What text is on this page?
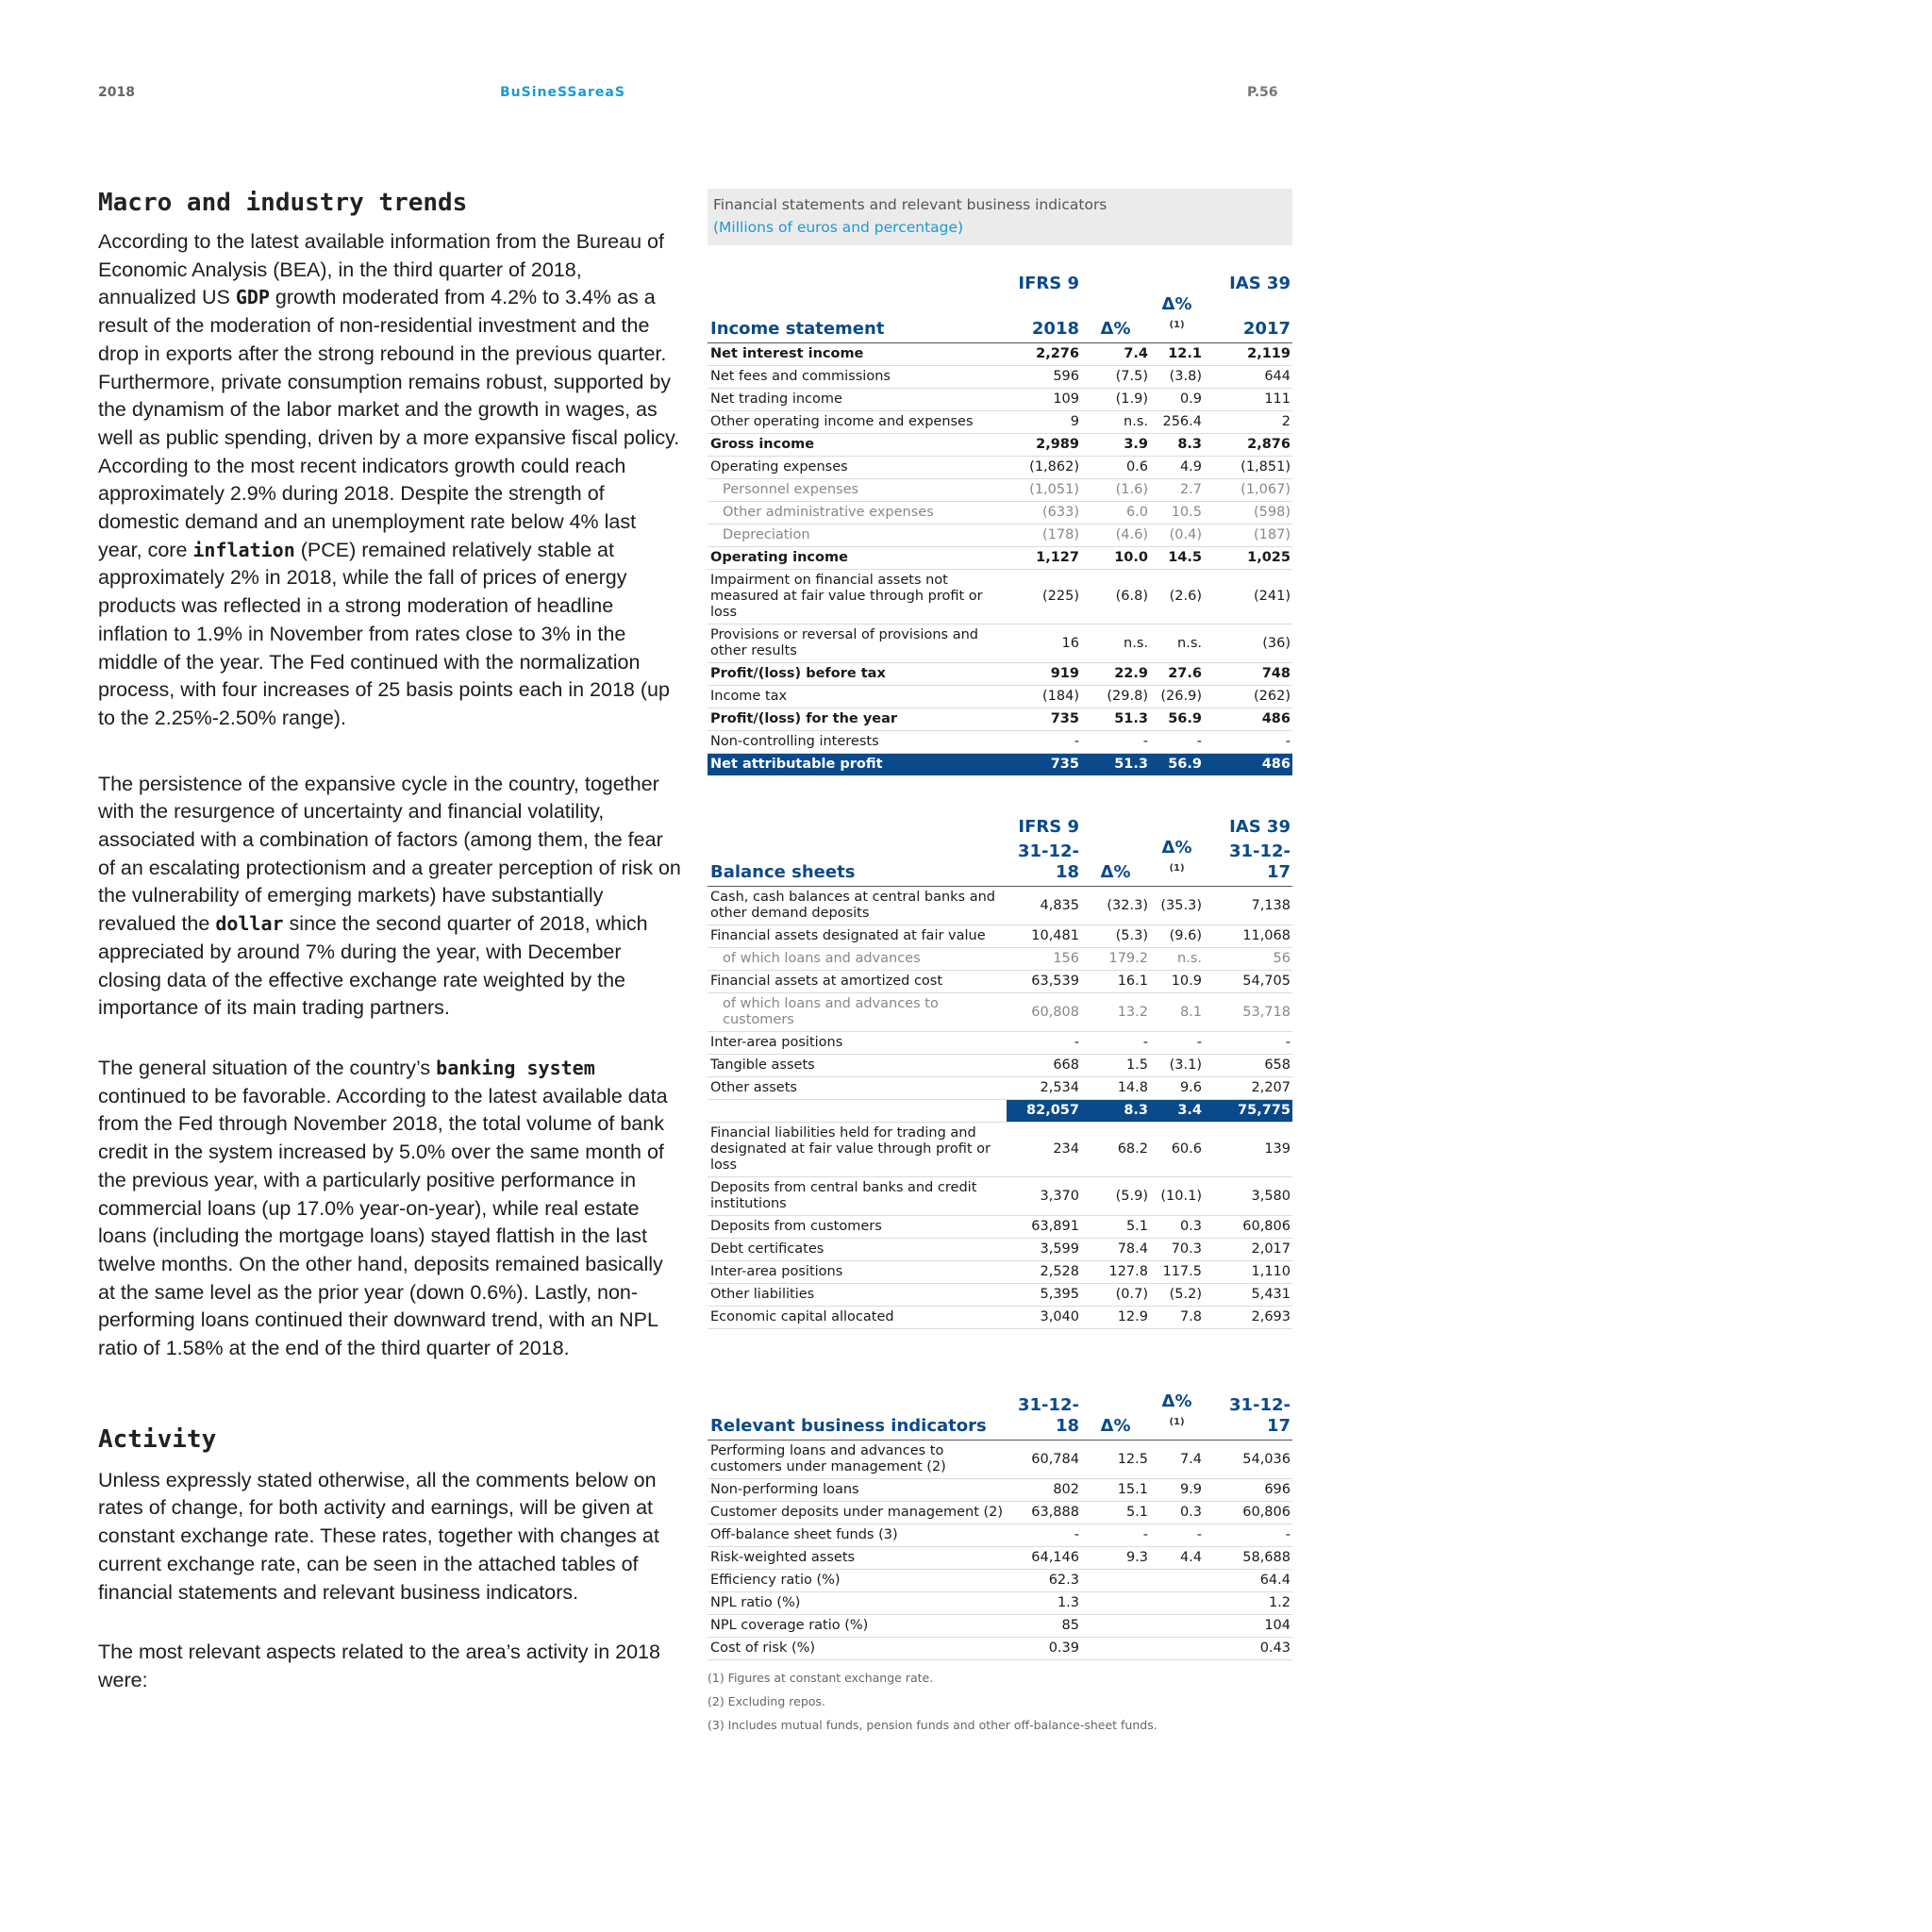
2018	BuSineSSareaS	P.56
Macro and industry trends

According to the latest available information from the Bureau of Economic Analysis (BEA), in the third quarter of 2018, annualized US GDP growth moderated from 4.2% to 3.4% as a result of the moderation of non-residential investment and the drop in exports after the strong rebound in the previous quarter. Furthermore, private consumption remains robust, supported by the dynamism of the labor market and the growth in wages, as well as public spending, driven by a more expansive fiscal policy. According to the most recent indicators growth could reach approximately 2.9% during 2018. Despite the strength of domestic demand and an unemployment rate below 4% last year, core inflation (PCE) remained relatively stable at approximately 2% in 2018, while the fall of prices of energy products was reflected in a strong moderation of headline inflation to 1.9% in November from rates close to 3% in the middle of the year. The Fed continued with the normalization process, with four increases of 25 basis points each in 2018 (up to the 2.25%-2.50% range).

The persistence of the expansive cycle in the country, together with the resurgence of uncertainty and financial volatility, associated with a combination of factors (among them, the fear of an escalating protectionism and a greater perception of risk on the vulnerability of emerging markets) have substantially revalued the dollar since the second quarter of 2018, which appreciated by around 7% during the year, with December closing data of the effective exchange rate weighted by the importance of its main trading partners.

The general situation of the country’s banking system continued to be favorable. According to the latest available data from the Fed through November 2018, the total volume of bank credit in the system increased by 5.0% over the same month of the previous year, with a particularly positive performance in commercial loans (up 17.0% year-on-year), while real estate loans (including the mortgage loans) stayed flattish in the last twelve months. On the other hand, deposits remained basically at the same level as the prior year (down 0.6%). Lastly, non-performing loans continued their downward trend, with an NPL ratio of 1.58% at the end of the third quarter of 2018.

Activity

Unless expressly stated otherwise, all the comments below on rates of change, for both activity and earnings, will be given at constant exchange rate. These rates, together with changes at current exchange rate, can be seen in the attached tables of financial statements and relevant business indicators.

The most relevant aspects related to the area’s activity in 2018 were:

Financial statements and relevant business indicators
(Millions of euros and percentage)
	IFRS 9			IAS 39
Income statement	2018	Δ%	Δ% $^{(1)}$	2017
Net interest income	2,276	7.4	12.1	2,119
Net fees and commissions	596	(7.5)	(3.8)	644
Net trading income	109	(1.9)	0.9	111
Other operating income and expenses	9	n.s.	256.4	2
Gross income	2,989	3.9	8.3	2,876
Operating expenses	(1,862)	0.6	4.9	(1,851)
Personnel expenses	(1,051)	(1.6)	2.7	(1,067)
Other administrative expenses	(633)	6.0	10.5	(598)
Depreciation	(178)	(4.6)	(0.4)	(187)
Operating income	1,127	10.0	14.5	1,025
Impairment on financial assets not measured at fair value through profit or loss	(225)	(6.8)	(2.6)	(241)
Provisions or reversal of provisions and other results	16	n.s.	n.s.	(36)
Profit/(loss) before tax	919	22.9	27.6	748
Income tax	(184)	(29.8)	(26.9)	(262)
Profit/(loss) for the year	735	51.3	56.9	486
Non-controlling interests	-	-	-	-
Net attributable profit	735	51.3	56.9	486
	IFRS 9			IAS 39
Balance sheets	31-12-18	Δ%	Δ% $^{(1)}$	31-12-17
Cash, cash balances at central banks and other demand deposits	4,835	(32.3)	(35.3)	7,138
Financial assets designated at fair value	10,481	(5.3)	(9.6)	11,068
of which loans and advances	156	179.2	n.s.	56
Financial assets at amortized cost	63,539	16.1	10.9	54,705
of which loans and advances to customers	60,808	13.2	8.1	53,718
Inter-area positions	-	-	-	-
Tangible assets	668	1.5	(3.1)	658
Other assets	2,534	14.8	9.6	2,207
	82,057	8.3	3.4	75,775
Financial liabilities held for trading and designated at fair value through profit or loss	234	68.2	60.6	139
Deposits from central banks and credit institutions	3,370	(5.9)	(10.1)	3,580
Deposits from customers	63,891	5.1	0.3	60,806
Debt certificates	3,599	78.4	70.3	2,017
Inter-area positions	2,528	127.8	117.5	1,110
Other liabilities	5,395	(0.7)	(5.2)	5,431
Economic capital allocated	3,040	12.9	7.8	2,693
Relevant business indicators	31-12-18	Δ%	Δ% $^{(1)}$	31-12-17
Performing loans and advances to customers under management (2)	60,784	12.5	7.4	54,036
Non-performing loans	802	15.1	9.9	696
Customer deposits under management (2)	63,888	5.1	0.3	60,806
Off-balance sheet funds (3)	-	-	-	-
Risk-weighted assets	64,146	9.3	4.4	58,688
Efficiency ratio (%)	62.3			64.4
NPL ratio (%)	1.3			1.2
NPL coverage ratio (%)	85			104
Cost of risk (%)	0.39			0.43
(1) Figures at constant exchange rate.
(2) Excluding repos.
(3) Includes mutual funds, pension funds and other off-balance-sheet funds.
